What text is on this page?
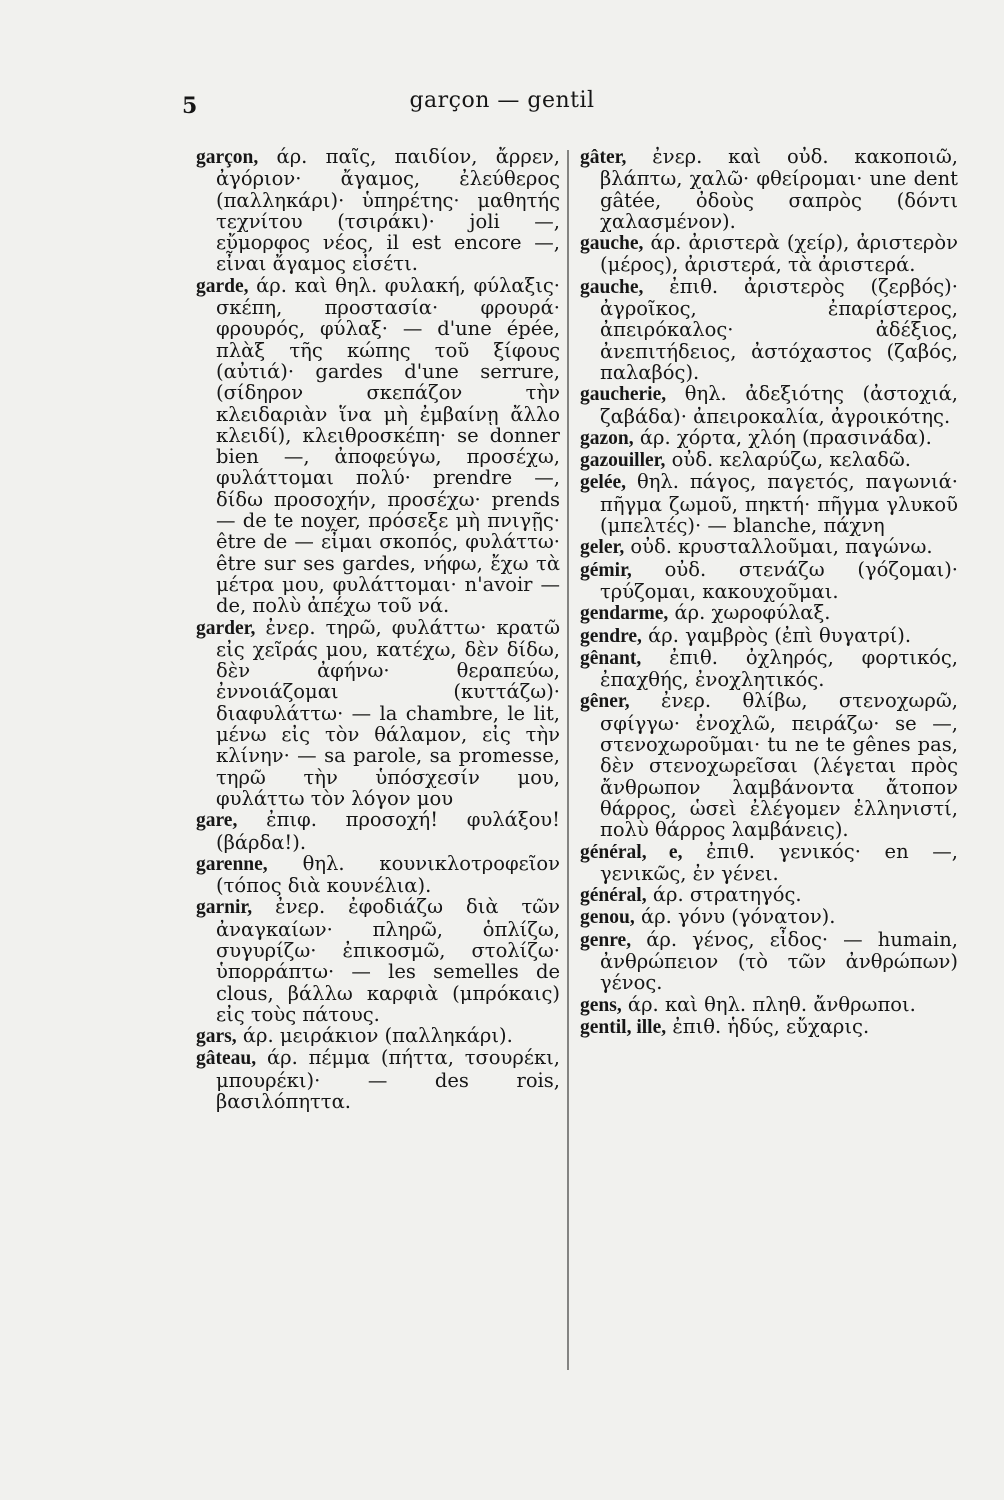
5	garçon — gentil

garçon, άρ. παῖς, παιδίον, ἄρρεν, ἀγόριον· ἄγαμος, ἐλεύθερος (παλληκάρι)· ὑπηρέτης· μαθητής τεχνίτου (τσιράκι)· joli —, εὔμορφος νέος, il est encore —, εἶναι ἄγαμος εἰσέτι.

garde, άρ. καὶ θηλ. φυλακή, φύλαξις· σκέπη, προστασία· φρουρά· φρουρός, φύλαξ· — d'une épée, πλὰξ τῆς κώπης τοῦ ξίφους (αὐτιά)· gardes d'une serrure, (σίδηρον σκεπάζον τὴν κλειδαριὰν ἵνα μὴ ἐμβαίνῃ ἄλλο κλειδί), κλειθροσκέπη· se donner bien —, ἀποφεύγω, προσέχω, φυλάττομαι πολύ· prendre —, δίδω προσοχήν, προσέχω· prends — de te noyer, πρόσεξε μὴ πνιγῇς· être de — εἶμαι σκοπός, φυλάττω· être sur ses gardes, νήφω, ἔχω τὰ μέτρα μου, φυλάττομαι· n'avoir — de, πολὺ ἀπέχω τοῦ νά.

garder, ἐνερ. τηρῶ, φυλάττω· κρατῶ εἰς χεῖράς μου, κατέχω, δὲν δίδω, δὲν ἀφήνω· θεραπεύω, ἐννοιάζομαι (κυττάζω)· διαφυλάττω· — la chambre, le lit, μένω εἰς τὸν θάλαμον, εἰς τὴν κλίνην· — sa parole, sa promesse, τηρῶ τὴν ὑπόσχεσίν μου, φυλάττω τὸν λόγον μου

gare, ἐπιφ. προσοχή! φυλάξου! (βάρδα!).

garenne, θηλ. κουνικλοτροφεῖον (τόπος διὰ κουνέλια).

garnir, ἐνερ. ἐφοδιάζω διὰ τῶν ἀναγκαίων· πληρῶ, ὁπλίζω, συγυρίζω· ἐπικοσμῶ, στολίζω· ὑπορράπτω· — les semelles de clous, βάλλω καρφιὰ (μπρόκαις) εἰς τοὺς πάτους.

gars, άρ. μειράκιον (παλληκάρι).

gâteau, άρ. πέμμα (πήττα, τσουρέκι, μπουρέκι)· — des rois, βασιλόπηττα.

gâter, ἐνερ. καὶ οὐδ. κακοποιῶ, βλάπτω, χαλῶ· φθείρομαι· une dent gâtée, ὀδοὺς σαπρὸς (δόντι χαλασμένον).

gauche, άρ. ἀριστερὰ (χείρ), ἀριστερὸν (μέρος), ἀριστερά, τὰ ἀριστερά.

gauche, ἐπιθ. ἀριστερὸς (ζερβός)· ἀγροῖκος, ἐπαρίστερος, ἀπειρόκαλος· ἀδέξιος, ἀνεπιτήδειος, ἀστόχαστος (ζαβός, παλαβός).

gaucherie, θηλ. ἀδεξιότης (ἀστοχιά, ζαβάδα)· ἀπειροκαλία, ἀγροικότης.

gazon, άρ. χόρτα, χλόη (πρασινάδα).

gazouiller, οὐδ. κελαρύζω, κελαδῶ.

gelée, θηλ. πάγος, παγετός, παγωνιά· πῆγμα ζωμοῦ, πηκτή· πῆγμα γλυκοῦ (μπελτές)· — blanche, πάχνη

geler, οὐδ. κρυσταλλοῦμαι, παγώνω.

gémir, οὐδ. στενάζω (γόζομαι)· τρύζομαι, κακουχοῦμαι.

gendarme, άρ. χωροφύλαξ.

gendre, άρ. γαμβρὸς (ἐπὶ θυγατρί).

gênant, ἐπιθ. ὀχληρός, φορτικός, ἐπαχθής, ἐνοχλητικός.

gêner, ἐνερ. θλίβω, στενοχωρῶ, σφίγγω· ἐνοχλῶ, πειράζω· se —, στενοχωροῦμαι· tu ne te gênes pas, δὲν στενοχωρεῖσαι (λέγεται πρὸς ἄνθρωπον λαμβάνοντα ἄτοπον θάρρος, ὡσεὶ ἐλέγομεν ἑλληνιστί, πολὺ θάρρος λαμβάνεις).

général, e, ἐπιθ. γενικός· en —, γενικῶς, ἐν γένει.

général, άρ. στρατηγός.

genou, άρ. γόνυ (γόνατον).

genre, άρ. γένος, εἶδος· — humain, ἀνθρώπειον (τὸ τῶν ἀνθρώπων) γένος.

gens, άρ. καὶ θηλ. πληθ. ἄνθρωποι.

gentil, ille, ἐπιθ. ἡδύς, εὔχαρις.
